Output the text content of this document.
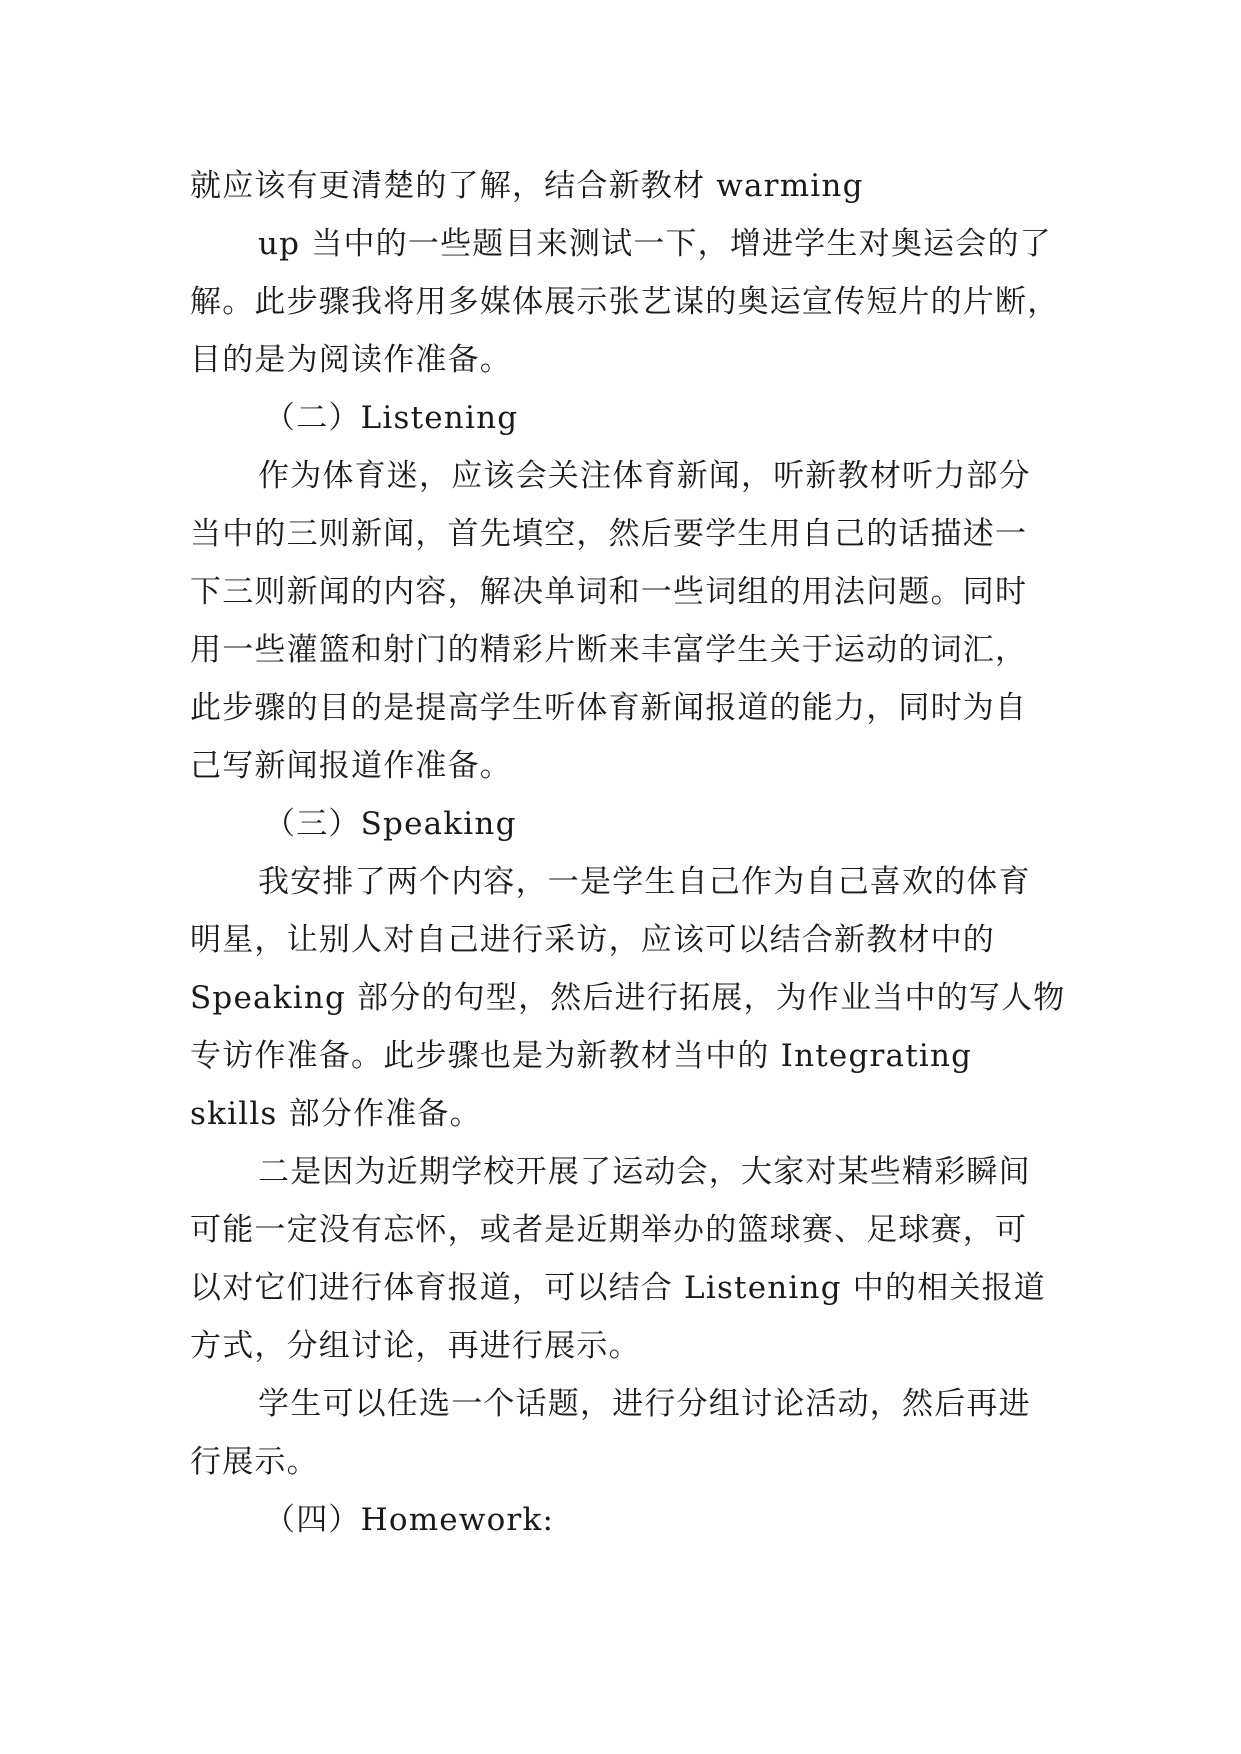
就应该有更清楚的了解，结合新教材 warming
up 当中的一些题目来测试一下，增进学生对奥运会的了
解。此步骤我将用多媒体展示张艺谋的奥运宣传短片的片断，
目的是为阅读作准备。
（二）Listening
作为体育迷，应该会关注体育新闻，听新教材听力部分
当中的三则新闻，首先填空，然后要学生用自己的话描述一
下三则新闻的内容，解决单词和一些词组的用法问题。同时
用一些灌篮和射门的精彩片断来丰富学生关于运动的词汇，
此步骤的目的是提高学生听体育新闻报道的能力，同时为自
己写新闻报道作准备。
（三）Speaking
我安排了两个内容，一是学生自己作为自己喜欢的体育
明星，让别人对自己进行采访，应该可以结合新教材中的
Speaking 部分的句型，然后进行拓展，为作业当中的写人物
专访作准备。此步骤也是为新教材当中的 Integrating
skills 部分作准备。
二是因为近期学校开展了运动会，大家对某些精彩瞬间
可能一定没有忘怀，或者是近期举办的篮球赛、足球赛，可
以对它们进行体育报道，可以结合 Listening 中的相关报道
方式，分组讨论，再进行展示。
学生可以任选一个话题，进行分组讨论活动，然后再进
行展示。
（四）Homework:
